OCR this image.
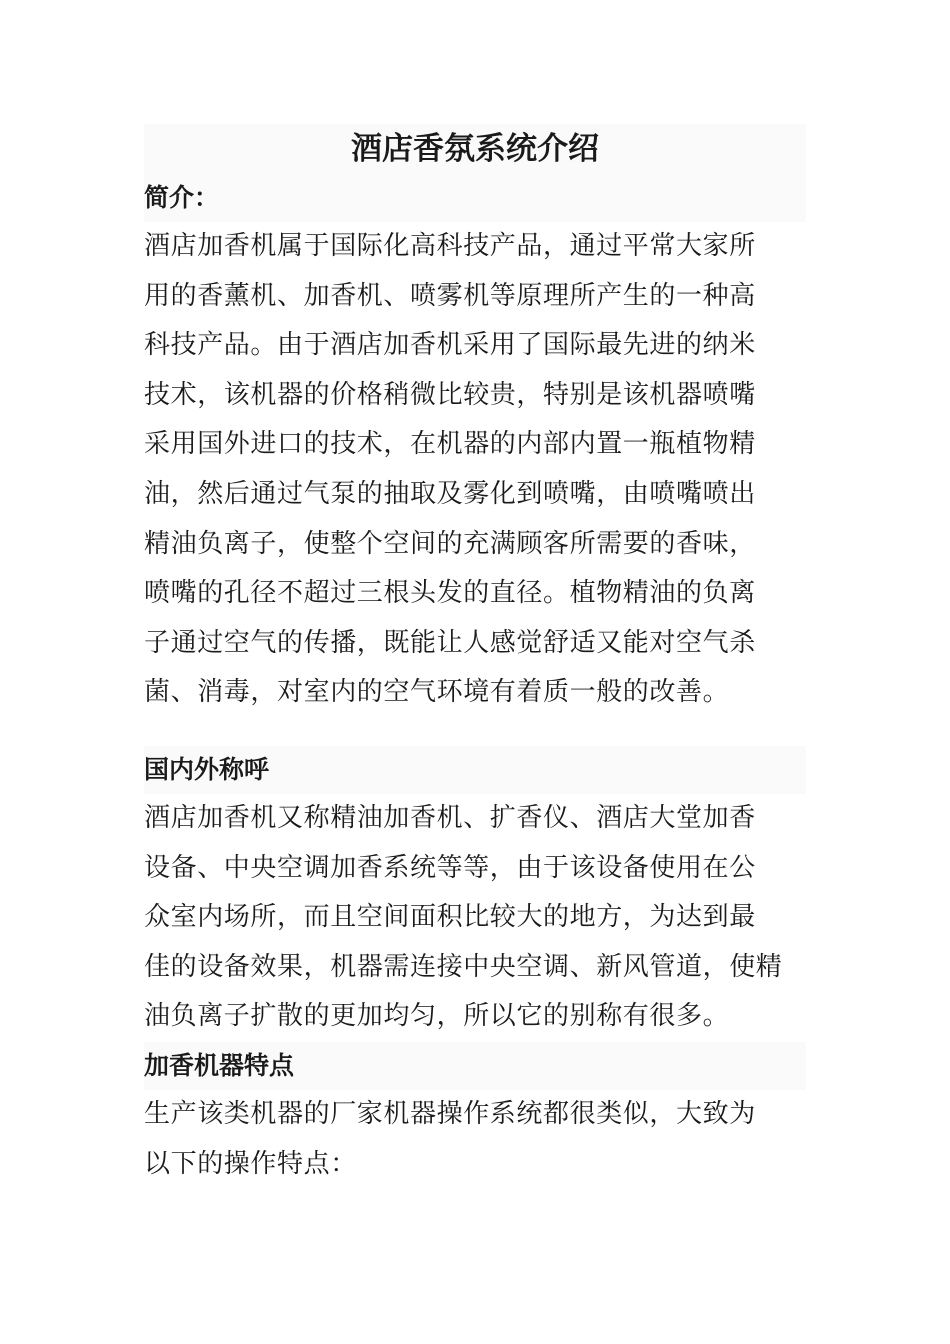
酒店香氛系统介绍
简介：

酒店加香机属于国际化高科技产品，通过平常大家所
用的香薰机、加香机、喷雾机等原理所产生的一种高
科技产品。由于酒店加香机采用了国际最先进的纳米
技术，该机器的价格稍微比较贵，特别是该机器喷嘴
采用国外进口的技术，在机器的内部内置一瓶植物精
油，然后通过气泵的抽取及雾化到喷嘴，由喷嘴喷出
精油负离子，使整个空间的充满顾客所需要的香味，
喷嘴的孔径不超过三根头发的直径。植物精油的负离
子通过空气的传播，既能让人感觉舒适又能对空气杀
菌、消毒，对室内的空气环境有着质一般的改善。

国内外称呼

酒店加香机又称精油加香机、扩香仪、酒店大堂加香
设备、中央空调加香系统等等，由于该设备使用在公
众室内场所，而且空间面积比较大的地方，为达到最
佳的设备效果，机器需连接中央空调、新风管道，使精
油负离子扩散的更加均匀，所以它的别称有很多。

加香机器特点

生产该类机器的厂家机器操作系统都很类似，大致为
以下的操作特点：
